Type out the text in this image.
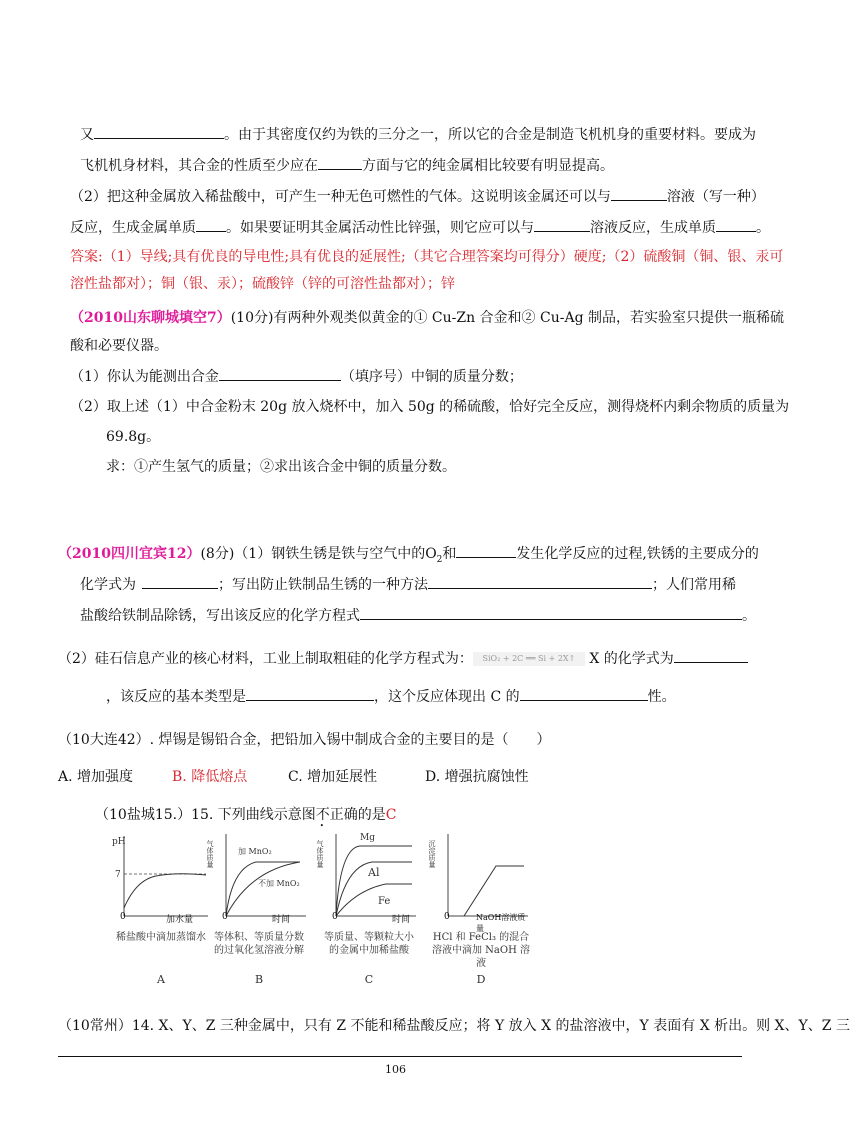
又	。由于其密度仅约为铁的三分之一，所以它的合金是制造飞机机身的重要材料。要成为
飞机机身材料，其合金的性质至少应在	方面与它的纯金属相比较要有明显提高。
（2）把这种金属放入稀盐酸中，可产生一种无色可燃性的气体。这说明该金属还可以与	溶液（写一种）
反应，生成金属单质 。如果要证明其金属活动性比锌强，则它应可以与	溶液反应，生成单质	。
答案:（1）导线;具有优良的导电性;具有优良的延展性;（其它合理答案均可得分）硬度;（2）硫酸铜（铜、银、汞可
溶性盐都对）；铜（银、汞）；硫酸锌（锌的可溶性盐都对）；锌
（2010山东聊城填空7）(10分)有两种外观类似黄金的① Cu-Zn 合金和② Cu-Ag 制品，若实验室只提供一瓶稀硫
酸和必要仪器。
（1）你认为能测出合金	（填序号）中铜的质量分数；
（2）取上述（1）中合金粉末 20g 放入烧杯中，加入 50g 的稀硫酸，恰好完全反应，测得烧杯内剩余物质的质量为
69.8g。
求：①产生氢气的质量；②求出该合金中铜的质量分数。
（2010四川宜宾12）(8分)（1）钢铁生锈是铁与空气中的$O_2$和	发生化学反应的过程,铁锈的主要成分的
化学式为	；写出防止铁制品生锈的一种方法	；人们常用稀
盐酸给铁制品除锈，写出该反应的化学方程式	。
（2）硅石信息产业的核心材料，工业上制取粗硅的化学方程式为： SiO₂ + 2C ══ Si + 2X↑ X 的化学式为
，该反应的基本类型是	，这个反应体现出 C 的	性。
（10大连42）. 焊锡是锡铅合金，把铅加入锡中制成合金的主要目的是（　　）
A. 增加强度	B. 降低熔点	C. 增加延展性	D. 增强抗腐蚀性
（10盐城15.）15. 下列曲线示意图不正确的是C
pH
7
0	加水量
稀盐酸中滴加蒸馏水
A
气体质量	加 MnO₂
不加 MnO₂
0	时间
等体积、等质量分数的过氧化氢溶液分解
B
气体质量
Mg
Al
Fe
0	时间
等质量、等颗粒大小的金属中加稀盐酸
C
沉淀质量
0	NaOH溶液质量
HCl 和 FeCl₃ 的混合溶液中滴加 NaOH 溶液
D
（10常州）14. X、Y、Z 三种金属中，只有 Z 不能和稀盐酸反应；将 Y 放入 X 的盐溶液中，Y 表面有 X 析出。则 X、Y、Z 三
106
